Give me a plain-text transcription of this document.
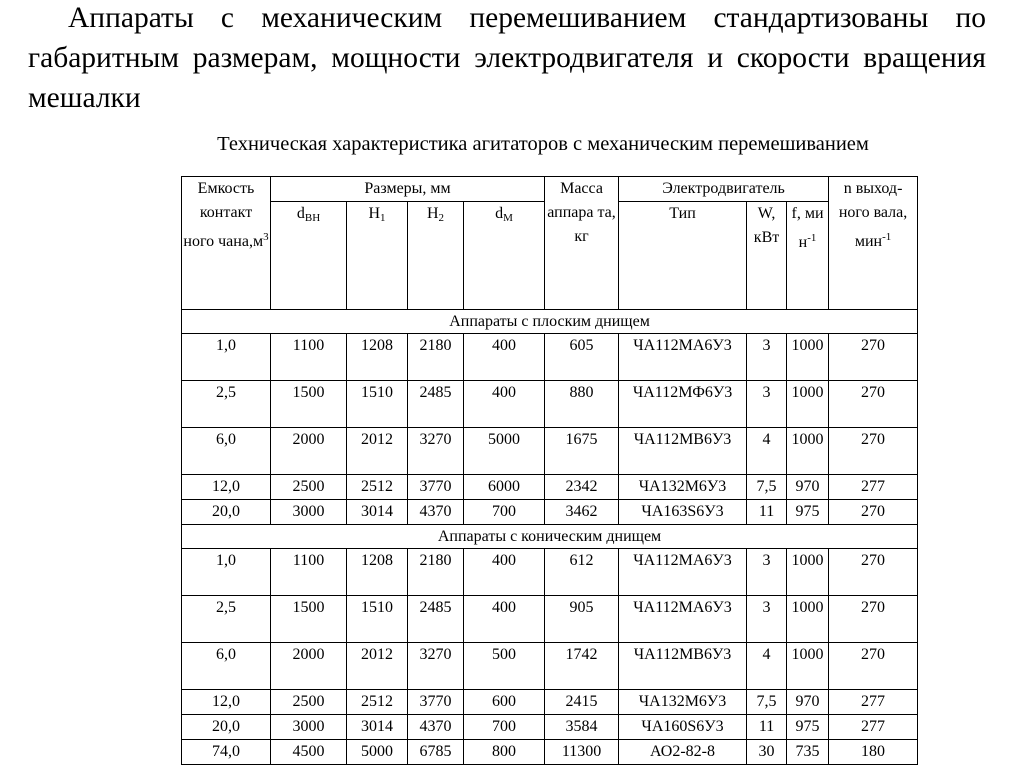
Аппараты с механическим перемешиванием стандартизованы по габаритным размерам, мощности электродвигателя и скорости вращения мешалки

Техническая характеристика агитаторов с механическим перемешиванием

Емкость контакт ного $чана,м^3$	Размеры, мм				Масса аппара та, кг	Электродвигатель			n выход-ного вала, мин$^{-1}$
	$d_{ВН}$	$H_1$	$H_2$	$d_М$		Тип	W, кВт	f, ми $н^{-1}$
Аппараты с плоским днищем									
1,0	1100	1208	2180	400	605	ЧА112МА6У3	3	1000	270
2,5	1500	1510	2485	400	880	ЧА112МФ6У3	3	1000	270
6,0	2000	2012	3270	5000	1675	ЧА112МВ6У3	4	1000	270
12,0	2500	2512	3770	6000	2342	ЧА132М6У3	7,5	970	277
20,0	3000	3014	4370	700	3462	ЧА163S6У3	11	975	270
Аппараты с коническим днищем									
1,0	1100	1208	2180	400	612	ЧА112МА6У3	3	1000	270
2,5	1500	1510	2485	400	905	ЧА112МА6У3	3	1000	270
6,0	2000	2012	3270	500	1742	ЧА112МВ6У3	4	1000	270
12,0	2500	2512	3770	600	2415	ЧА132М6У3	7,5	970	277
20,0	3000	3014	4370	700	3584	ЧА160S6У3	11	975	277
74,0	4500	5000	6785	800	11300	АО2-82-8	30	735	180
